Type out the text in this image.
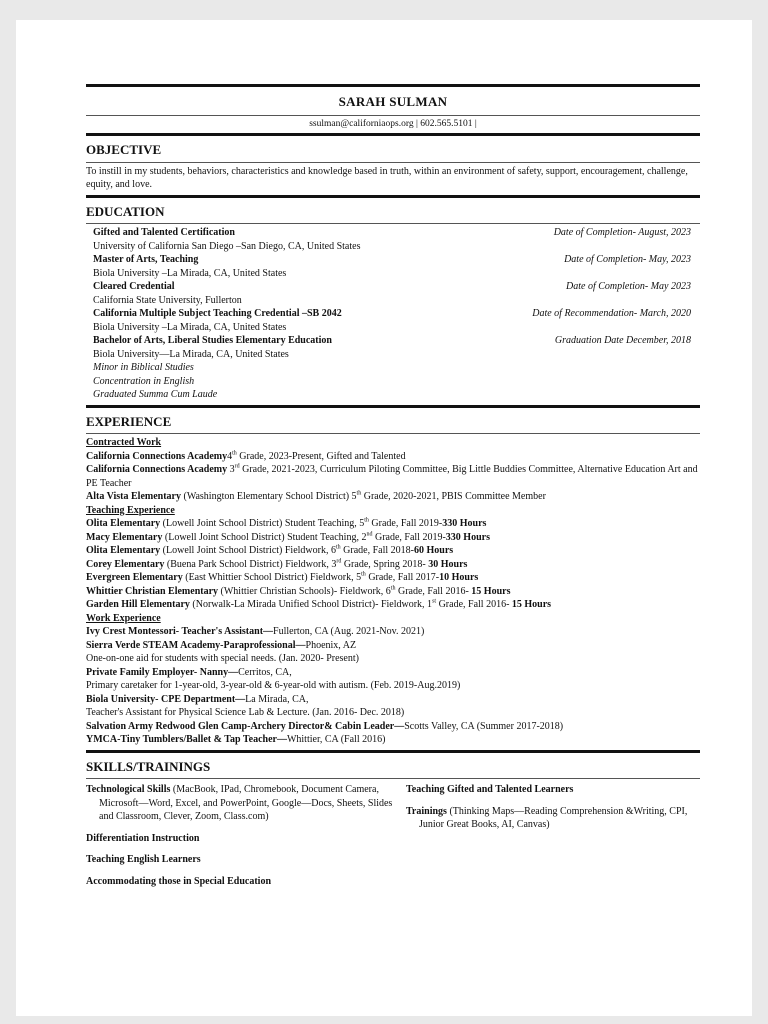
SARAH SULMAN
ssulman@californiaops.org | 602.565.5101 |
OBJECTIVE
To instill in my students, behaviors, characteristics and knowledge based in truth, within an environment of safety, support, encouragement, challenge, equity, and love.
EDUCATION
Gifted and Talented Certification	Date of Completion- August, 2023
University of California San Diego –San Diego, CA, United States
Master of Arts, Teaching	Date of Completion- May, 2023
Biola University –La Mirada, CA, United States
Cleared Credential	Date of Completion- May 2023
California State University, Fullerton
California Multiple Subject Teaching Credential –SB 2042	Date of Recommendation- March, 2020
Biola University –La Mirada, CA, United States
Bachelor of Arts, Liberal Studies Elementary Education	Graduation Date December, 2018
Biola University—La Mirada, CA, United States
Minor in Biblical Studies
Concentration in English
Graduated Summa Cum Laude
EXPERIENCE
Contracted Work
California Connections Academy4th Grade, 2023-Present, Gifted and Talented
California Connections Academy 3rd Grade, 2021-2023, Curriculum Piloting Committee, Big Little Buddies Committee, Alternative Education Art and PE Teacher
Alta Vista Elementary (Washington Elementary School District) 5th Grade, 2020-2021, PBIS Committee Member
Teaching Experience
Olita Elementary (Lowell Joint School District) Student Teaching, 5th Grade, Fall 2019-330 Hours
Macy Elementary (Lowell Joint School District) Student Teaching, 2nd Grade, Fall 2019-330 Hours
Olita Elementary (Lowell Joint School District) Fieldwork, 6th Grade, Fall 2018-60 Hours
Corey Elementary (Buena Park School District) Fieldwork, 3rd Grade, Spring 2018- 30 Hours
Evergreen Elementary (East Whittier School District) Fieldwork, 5th Grade, Fall 2017-10 Hours
Whittier Christian Elementary (Whittier Christian Schools)- Fieldwork, 6th Grade, Fall 2016- 15 Hours
Garden Hill Elementary (Norwalk-La Mirada Unified School District)- Fieldwork, 1st Grade, Fall 2016- 15 Hours
Work Experience
Ivy Crest Montessori- Teacher's Assistant—Fullerton, CA (Aug. 2021-Nov. 2021)
Sierra Verde STEAM Academy-Paraprofessional—Phoenix, AZ
One-on-one aid for students with special needs. (Jan. 2020- Present)
Private Family Employer- Nanny—Cerritos, CA,
Primary caretaker for 1-year-old, 3-year-old & 6-year-old with autism. (Feb. 2019-Aug.2019)
Biola University- CPE Department—La Mirada, CA,
Teacher's Assistant for Physical Science Lab & Lecture. (Jan. 2016- Dec. 2018)
Salvation Army Redwood Glen Camp-Archery Director& Cabin Leader—Scotts Valley, CA (Summer 2017-2018)
YMCA-Tiny Tumblers/Ballet & Tap Teacher—Whittier, CA (Fall 2016)
SKILLS/TRAININGS
Technological Skills (MacBook, IPad, Chromebook, Document Camera, Microsoft—Word, Excel, and PowerPoint, Google—Docs, Sheets, Slides and Classroom, Clever, Zoom, Class.com)
Differentiation Instruction
Teaching English Learners
Accommodating those in Special Education
Teaching Gifted and Talented Learners
Trainings (Thinking Maps—Reading Comprehension &Writing, CPI, Junior Great Books, AI, Canvas)
